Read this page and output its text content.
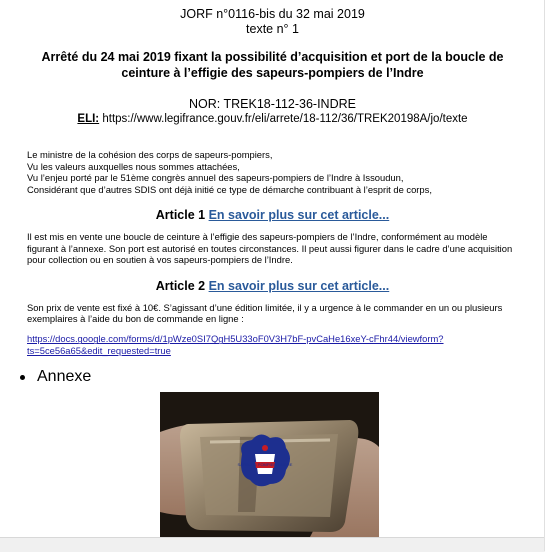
JORF n°0116-bis du 32 mai 2019
texte n° 1
Arrêté du 24 mai 2019 fixant la possibilité d’acquisition et port de la boucle de ceinture à l’effigie des sapeurs-pompiers de l’Indre
NOR: TREK18-112-36-INDRE
ELI: https://www.legifrance.gouv.fr/eli/arrete/18-112/36/TREK20198A/jo/texte
Le ministre de la cohésion des corps de sapeurs-pompiers,
Vu les valeurs auxquelles nous sommes attachées,
Vu l’enjeu porté par le 51ème congrès annuel des sapeurs-pompiers de l’Indre à Issoudun,
Considérant que d’autres SDIS ont déjà initié ce type de démarche contribuant à l’esprit de corps,
Article 1 En savoir plus sur cet article...
Il est mis en vente une boucle de ceinture à l’effigie des sapeurs-pompiers de l’Indre, conformément au modèle figurant à l’annexe. Son port est autorisé en toutes circonstances. Il peut aussi figurer dans le cadre d’une acquisition pour collection ou en soutien à vos sapeurs-pompiers de l’Indre.
Article 2 En savoir plus sur cet article...
Son prix de vente est fixé à 10€. S’agissant d’une édition limitée, il y a urgence à le commander en un ou plusieurs exemplaires à l’aide du bon de commande en ligne :
https://docs.google.com/forms/d/1pWze0SI7QgH5U33oF0V3H7bF-pvCaHe16xeY-cFhr44/viewform?ts=5ce56a65&edit_requested=true
Annexe
SAPEURS POMPIERS INDRE
